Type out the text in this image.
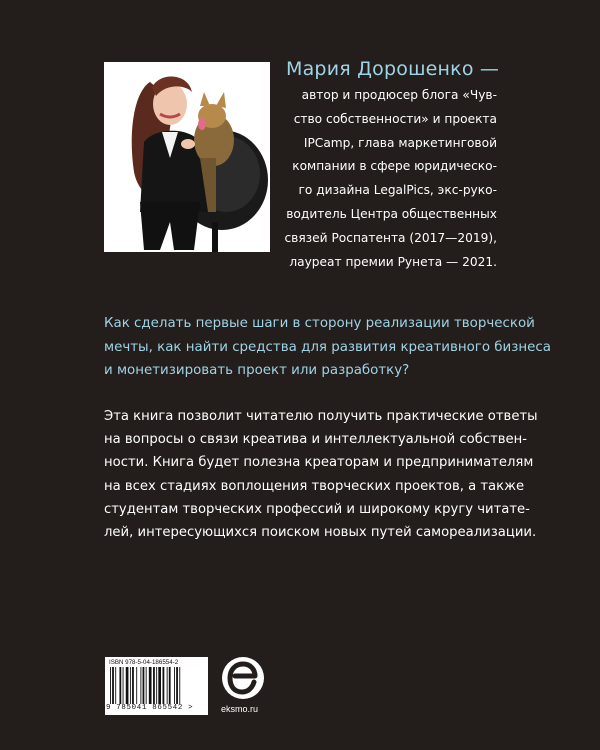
Мария Дорошенко —
автор и продюсер блога «Чув-
ство собственности» и проекта
IPCamp, глава маркетинговой
компании в сфере юридическо-
го дизайна LegalPics, экс-руко-
водитель Центра общественных
связей Роспатента (2017—2019),
лауреат премии Рунета — 2021.
Как сделать первые шаги в сторону реализации творческой
мечты, как найти средства для развития креативного бизнеса
и монетизировать проект или разработку?
Эта книга позволит читателю получить практические ответы
на вопросы о связи креатива и интеллектуальной собствен-
ности. Книга будет полезна креаторам и предпринимателям
на всех стадиях воплощения творческих проектов, а также
студентам творческих профессий и широкому кругу читате-
лей, интересующихся поиском новых путей самореализации.
ISBN 978-5-04-186554-2
9 785041 865542 >	eksmo.ru
